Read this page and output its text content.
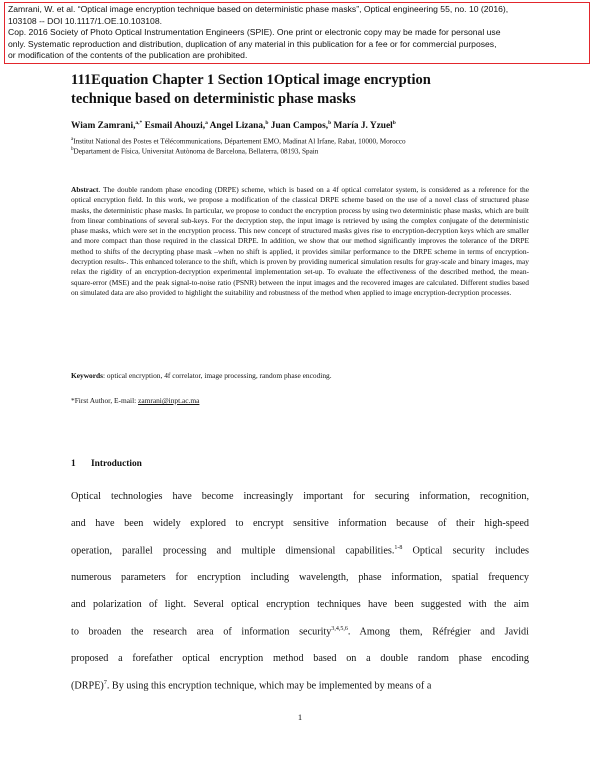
Zamrani, W. et al. “Optical image encryption technique based on deterministic phase masks”, Optical engineering 55, no. 10 (2016),
103108 -- DOI 10.1117/1.OE.10.103108.
Cop. 2016 Society of Photo Optical Instrumentation Engineers (SPIE). One print or electronic copy may be made for personal use
only. Systematic reproduction and distribution, duplication of any material in this publication for a fee or for commercial purposes,
or modification of the contents of the publication are prohibited.
111Equation Chapter 1 Section 1Optical image encryption
technique based on deterministic phase masks
Wiam Zamrani,$^{a,*}$ Esmail Ahouzi,$^a$ Angel Lizana,$^b$ Juan Campos,$^b$ María J. Yzuel$^b$
$^a$Institut National des Postes et Télécommunications, Département EMO, Madinat Al Irfane, Rabat, 10000, Morocco
$^b$Departament de Física, Universitat Autònoma de Barcelona, Bellaterra, 08193, Spain
Abstract. The double random phase encoding (DRPE) scheme, which is based on a 4f optical correlator system, is considered as a reference for the optical encryption field. In this work, we propose a modification of the classical DRPE scheme based on the use of a novel class of structured phase masks, the deterministic phase masks. In particular, we propose to conduct the encryption process by using two deterministic phase masks, which are built from linear combinations of several sub-keys. For the decryption step, the input image is retrieved by using the complex conjugate of the deterministic phase masks, which were set in the encryption process. This new concept of structured masks gives rise to encryption-decryption keys which are smaller and more compact than those required in the classical DRPE. In addition, we show that our method significantly improves the tolerance of the DRPE method to shifts of the decrypting phase mask –when no shift is applied, it provides similar performance to the DRPE scheme in terms of encryption-decryption results-. This enhanced tolerance to the shift, which is proven by providing numerical simulation results for gray-scale and binary images, may relax the rigidity of an encryption-decryption experimental implementation set-up. To evaluate the effectiveness of the described method, the mean-square-error (MSE) and the peak signal-to-noise ratio (PSNR) between the input images and the recovered images are calculated. Different studies based on simulated data are also provided to highlight the suitability and robustness of the method when applied to image encryption-decryption processes.
Keywords: optical encryption, 4f correlator, image processing, random phase encoding.
*First Author, E-mail: zamrani@inpt.ac.ma
1 Introduction
Optical technologies have become increasingly important for securing information, recognition,
and have been widely explored to encrypt sensitive information because of their high-speed
operation, parallel processing and multiple dimensional capabilities.$^{1-8}$ Optical security includes
numerous parameters for encryption including wavelength, phase information, spatial frequency
and polarization of light. Several optical encryption techniques have been suggested with the aim
to broaden the research area of information security$^{3,4,5,6}$. Among them, Réfrégier and Javidi
proposed a forefather optical encryption method based on a double random phase encoding
(DRPE)$^7$. By using this encryption technique, which may be implemented by means of a
1
